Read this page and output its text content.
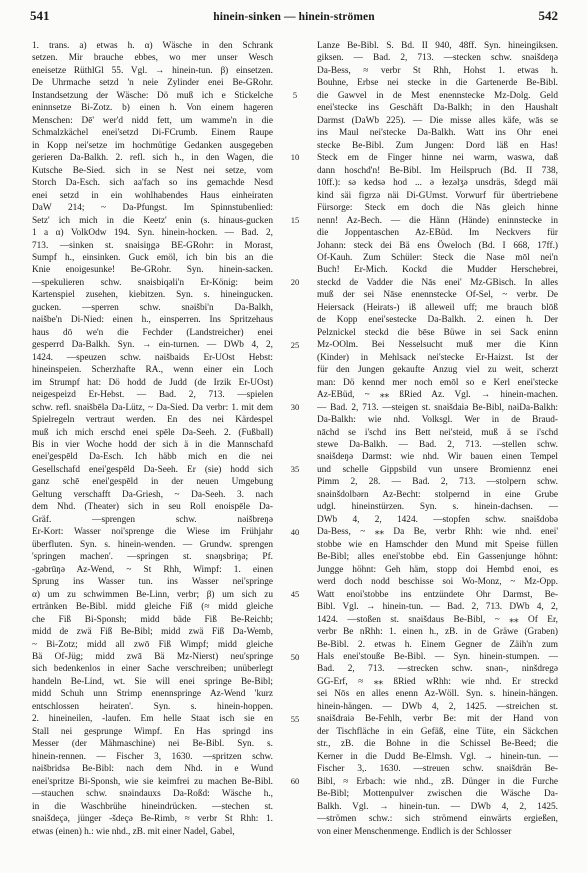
541	hinein-sinken — hinein-strömen	542
1. trans. a) etwas h. α) Wäsche in den Schrank
setzen. Mir brauche ebbes, wo mer unser Wesch
eneisetze RüthlGl 55. Vgl. → hinein-tun. β) einsetzen.
De Uhrmache setzd 'n neie Zylinder enei Be-GRohr.
Instandsetzung der Wäsche: Dö muß ich e Stickelche
eninnsetze Bi-Zotz. b) einen h. Von einem hageren
Menschen: Dē' wer'd nidd fett, um wamme'n in die
Schmalzkächel enei'setzd Di-FCrumb. Einem Raupe
in Kopp nei'setze im hochmütige Gedanken ausgegeben
gerieren Da-Balkh. 2. refl. sich h., in den Wagen, die
Kutsche Be-Sied. sich in se Nest nei setze, vom
Storch Da-Esch. sich aa'fach so ins gemachde Nesd
enei setzd in ein wohlhabendes Haus einheiraten
DaW 214; ~ Da-Pfungst. Im Spinnstubenlied:
Setz' ich mich in die Keetz' enin (s. hinaus-gucken
1 a α) VolkOdw 194. Syn. hinein-hocken. — Bad. 2,
713. —sinken st. snəisiŋgə BE-GRohr: in Morast,
Sumpf h., einsinken. Guck emöl, ich bin bis an die
Knie enoigesunke! Be-GRohr. Syn. hinein-sacken.
—spekulieren schw. snəisbiqəli'n Er-König: beim
Kartenspiel zusehen, kiebitzen. Syn. s. hineingucken.
gucken. —sperren schw. snəišbi'n Da-Balkh,
nəišbe'n Di-Nied: einen h., einsperren. Ins Spritzehaus
haus dō we'n die Fechder (Landstreicher) enei
gesperrd Da-Balkh. Syn. → ein-turnen. — DWb 4, 2,
1424. —speuzen schw. nəišbaids Er-UOst Hebst:
hineinspeien. Scherzhafte RA., wenn einer ein Loch
im Strumpf hat: Dö hodd de Judd (de Irzik Er-UOst)
neigespeizd Er-Hebst. — Bad. 2, 713. —spielen
schw. refl. snəišbēlə Da-Lütz, ~ Da-Sied. Da verbr: 1. mit dem
Spielregeln vertraut werden. En des nei Kärdespel
muß ich mich erschd enei spēle Da-Seeh. 2. (Fußball)
Bis in vier Woche hodd der sich ä in die Mannschafd
enei'gespēld Da-Esch. Ich häbb mich en die nei
Gesellschafd enei'gespēld Da-Seeh. Er (sie) hodd sich
ganz schē enei'gespēld in der neuen Umgebung
Geltung verschafft Da-Griesh, ~ Da-Seeh. 3. nach
dem Nhd. (Theater) sich in seu Roll enoispēle Da-
Gräf. —sprengen schw. nəišbreŋə
Er-Kort: Wasser noi'sprenge die Wiese im Frühjahr
überfluten. Syn. s. hinein-wenden. — Grundw. sprengen
'springen machen'. —springen st. snəŋsbriŋə; Pf.
-gəbrūŋə Az-Wend, ~ St Rhh, Wimpf: 1. einen
Sprung ins Wasser tun. ins Wasser nei'springe
α) um zu schwimmen Be-Linn, verbr; β) um sich zu
ertränken Be-Bibl. midd gleiche Fiß (≈ midd gleiche
che Fiß Bi-Sponsh; midd bäde Fiß Be-Reichb;
midd de zwä Fiß Be-Bibl; midd zwä Fiß Da-Wemb,
~ Bi-Zotz; midd all zwō Fiß Wimpf; midd gleiche
Bä Of-Jüg; midd zwā Bä Mz-Nierst) neu'springe
sich bedenkenlos in einer Sache verschreiben; unüberlegt
handeln Be-Lind, wt. Sie will enei springe Be-Bibl;
midd Schuh unn Strimp enennspringe Az-Wend 'kurz
entschlossen heiraten'. Syn. s. hinein-hoppen.
2. hineineilen, -laufen. Em helle Staat isch sie en
Stall nei gesprunge Wimpf. En Has springd ins
Messer (der Mähmaschine) nei Be-Bibl. Syn. s.
hinein-rennen. — Fischer 3, 1630. —spritzen schw.
nəišbridsə Be-Bibl: nach dem Nhd. in e Wund
enei'spritze Bi-Sponsh, wie sie keimfrei zu machen Be-Bibl.
—stauchen schw. snəindauxs Da-Roßd: Wäsche h.,
in die Waschbrühe hineindrücken. —stechen st.
snəišdeçə, jünger -šdeçə Be-Rimb, ≈ verbr St Rhh: 1.
etwas (einen) h.: wie nhd., zB. mit einer Nadel, Gabel,
5
10
15
20
25
30
35
40
45
50
55
60
Lanze Be-Bibl. S. Bd. II 940, 48ff. Syn. hineingiksen.
giksen. — Bad. 2, 713. —stecken schw. snəišdeŋə
Da-Bess, ≈ verbr St Rhh, Hohst 1. etwas h.
Bouhne, Erbse nei stecke in die Gartenerde Be-Bibl.
die Gawvel in de Mest enennstecke Mz-Dolg. Geld
enei'stecke ins Geschäft Da-Balkh; in den Haushalt
Darmst (DaWb 225). — Die misse alles käfe, wās se
ins Maul nei'stecke Da-Balkh. Watt ins Ohr enei
stecke Be-Bibl. Zum Jungen: Dord läß en Has!
Steck em de Finger hinne nei warm, waswa, daß
dann hoschd'n! Be-Bibl. Im Heilspruch (Bd. II 738,
10ff.): sə kedsə hod ... ə łezəlʒə unsdräs, šdegd mäi
kind säi figrzə näi Di-GUmst. Vorwurf für übertriebene
Fürsorge: Steck em doch die Nās gleich hinne
nenn! Az-Bech. — die Hänn (Hände) eninnstecke in
die Joppentaschen Az-EBüd. Im Neckvers für
Johann: steck dei Bä ens Öweloch (Bd. I 668, 17ff.)
Of-Kauh. Zum Schüler: Steck die Nase mōl nei'n
Buch! Er-Mich. Kockd die Mudder Herschebrei,
steckd de Vadder die Nās enei' Mz-GBisch. In alles
muß der sei Nāse enennstecke Of-Sel, ~ verbr. De
Heiersack (Heirats-) iß alleweil uff; me brauch blōß
de Kopp enei'sestecke Da-Balkh. 2. einen h. Der
Pelznickel steckd die bēse Büwe in sei Sack eninn
Mz-OOlm. Bei Nesselsucht muß mer die Kinn
(Kinder) in Mehlsack nei'stecke Er-Haizst. Ist der
für den Jungen gekaufte Anzug viel zu weit, scherzt
man: Dö kennd mer noch emōl so e Kerl enei'stecke
Az-EBüd, ~ ⁎⁎ ßRied Az. Vgl. → hinein-machen.
— Bad. 2, 713. —steigen st. snəišdaiə Be-Bibl, nəiDa-Balkh:
Da-Balkh: wie nhd. Volksgl. Wer in de Braud-
nāchd se i'schd ins Bett nei'steid, muß ä se i'schd
stewe Da-Balkh. — Bad. 2, 713. —stellen schw.
snəišdeŋə Darmst: wie nhd. Wir bauen einen Tempel
und schelle Gippsbild vun unsere Bromiennz enei
Pimm 2, 28. — Bad. 2, 713. —stolpern schw.
snəinšdolbərn Az-Becht: stolpernd in eine Grube
udgl. hineinstürzen. Syn. s. hinein-dachsen. —
DWb 4, 2, 1424. —stopfen schw. snəišdobə
Da-Bess, ~ ⁎⁎ Da Be, verbr Rhh: wie nhd. enei'
stobbe wie en Hamschder den Mund mit Speise füllen
Be-Bibl; alles enei'stobbe ebd. Ein Gassenjunge höhnt:
Jungge höhnt: Geh häm, stopp doi Hembd enoi, es
werd doch nodd beschisse soi Wo-Monz, ~ Mz-Opp.
Watt enoi'stobbe ins entzündete Ohr Darmst, Be-
Bibl. Vgl. → hinein-tun. — Bad. 2, 713. DWb 4, 2,
1424. —stoßen st. snəišdaus Be-Bibl, ~ ⁎⁎ Of Er,
verbr Be nRhh: 1. einen h., zB. in de Gräwe (Graben)
Be-Bibl. 2. etwas h. Einem Gegner de Zäih'n zum
Hals enei'stouße Be-Bibl. — Syn. hinein-stumpen. —
Bad. 2, 713. —strecken schw. snən-, ninšdregə
GG-Erf, ≈ ⁎⁎ ßRied wRhh: wie nhd. Er streckd
sei Nōs en alles enenn Az-Wöll. Syn. s. hinein-hängen.
hinein-hängen. — DWb 4, 2, 1425. —streichen st.
snəišdraiə Be-Fehlh, verbr Be: mit der Hand von
der Tischfläche in ein Gefäß, eine Tüte, ein Säckchen
str., zB. die Bohne in die Schissel Be-Beed; die
Kerner in die Dudd Be-Elmsh. Vgl. → hinein-tun. —
Fischer 3,. 1630. —streuen schw. snəišdrän Be-
Bibl, ≈ Erbach: wie nhd., zB. Dünger in die Furche
Be-Bibl; Mottenpulver zwischen die Wäsche Da-
Balkh. Vgl. → hinein-tun. — DWb 4, 2, 1425.
—strömen schw.: sich strömend einwärts ergießen,
von einer Menschenmenge. Endlich is der Schlosser
